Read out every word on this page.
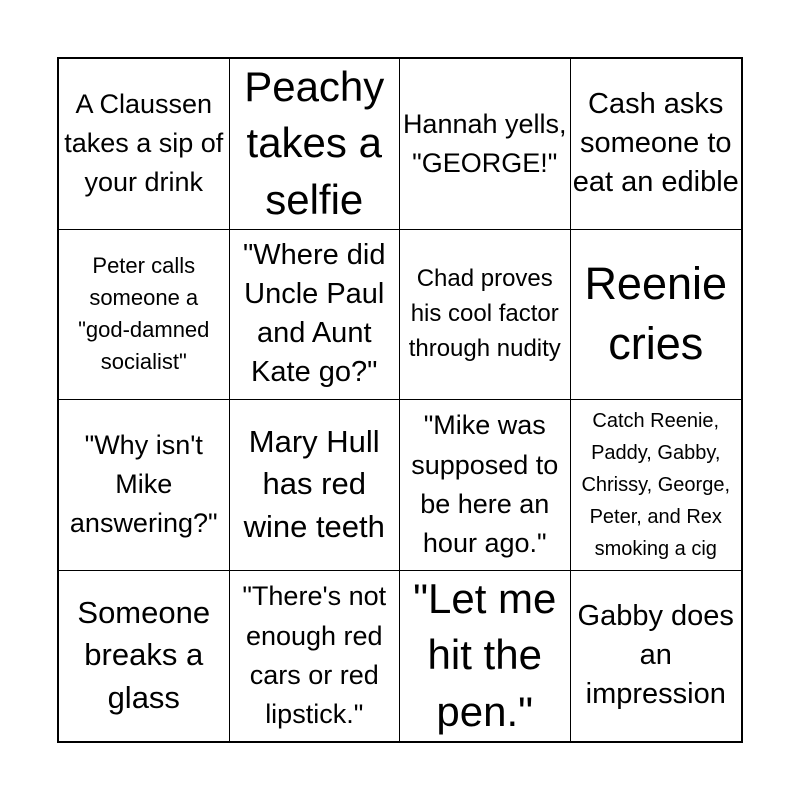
A Claussen takes a sip of your drink
Peachy takes a selfie
Hannah yells, "GEORGE!"
Cash asks someone to eat an edible
Peter calls someone a "god-damned socialist"
"Where did Uncle Paul and Aunt Kate go?"
Chad proves his cool factor through nudity
Reenie cries
"Why isn't Mike answering?"
Mary Hull has red wine teeth
"Mike was supposed to be here an hour ago."
Catch Reenie, Paddy, Gabby, Chrissy, George, Peter, and Rex smoking a cig
Someone breaks a glass
"There's not enough red cars or red lipstick."
"Let me hit the pen."
Gabby does an impression
